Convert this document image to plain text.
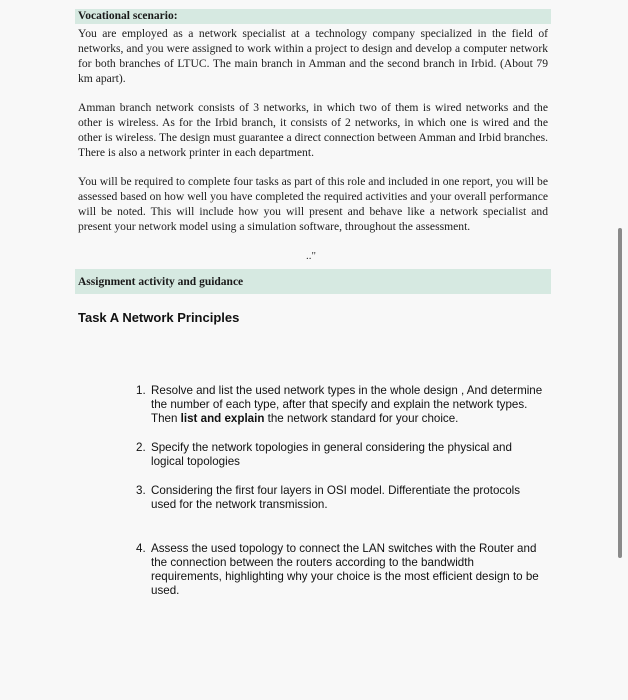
Vocational scenario:

You are employed as a network specialist at a technology company specialized in the field of networks, and you were assigned to work within a project to design and develop a computer network for both branches of LTUC. The main branch in Amman and the second branch in Irbid. (About 79 km apart).

Amman branch network consists of 3 networks, in which two of them is wired networks and the other is wireless. As for the Irbid branch, it consists of 2 networks, in which one is wired and the other is wireless. The design must guarantee a direct connection between Amman and Irbid branches. There is also a network printer in each department.

You will be required to complete four tasks as part of this role and included in one report, you will be assessed based on how well you have completed the required activities and your overall performance will be noted. This will include how you will present and behave like a network specialist and present your network model using a simulation software, throughout the assessment.

.."
Assignment activity and guidance
Task A Network Principles
1. Resolve and list the used network types in the whole design , And determine the number of each type, after that specify and explain the network types. Then list and explain the network standard for your choice.
2. Specify the network topologies in general considering the physical and logical topologies
3. Considering the first four layers in OSI model. Differentiate the protocols used for the network transmission.
4. Assess the used topology to connect the LAN switches with the Router and the connection between the routers according to the bandwidth requirements, highlighting why your choice is the most efficient design to be used.
